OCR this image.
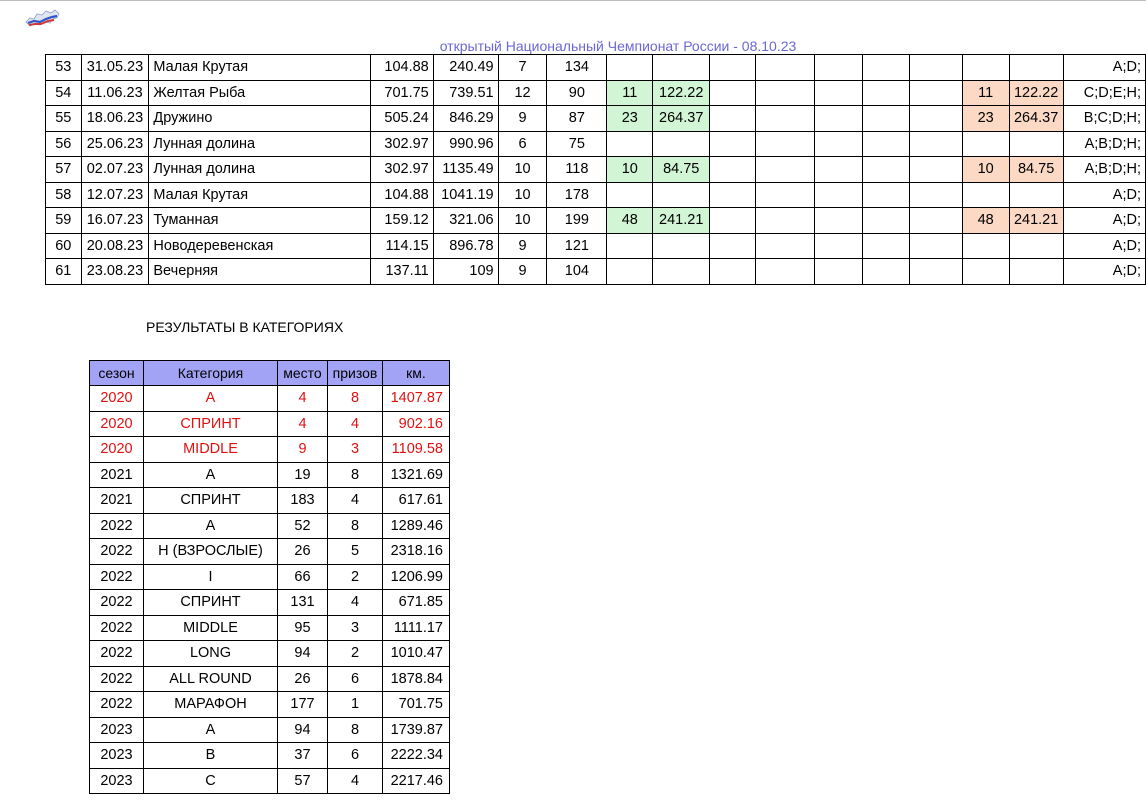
открытый Национальный Чемпионат России - 08.10.23
53	31.05.23	Малая Крутая	104.88	240.49	7	134										A;D;
54	11.06.23	Желтая Рыба	701.75	739.51	12	90	11	122.22						11	122.22	C;D;E;H;
55	18.06.23	Дружино	505.24	846.29	9	87	23	264.37						23	264.37	B;C;D;H;
56	25.06.23	Лунная долина	302.97	990.96	6	75										A;B;D;H;
57	02.07.23	Лунная долина	302.97	1135.49	10	118	10	84.75						10	84.75	A;B;D;H;
58	12.07.23	Малая Крутая	104.88	1041.19	10	178										A;D;
59	16.07.23	Туманная	159.12	321.06	10	199	48	241.21						48	241.21	A;D;
60	20.08.23	Новодеревенская	114.15	896.78	9	121										A;D;
61	23.08.23	Вечерняя	137.11	109	9	104										A;D;
РЕЗУЛЬТАТЫ В КАТЕГОРИЯХ
сезон	Категория	место	призов	км.
2020	A	4	8	1407.87
2020	СПРИНТ	4	4	902.16
2020	MIDDLE	9	3	1109.58
2021	A	19	8	1321.69
2021	СПРИНТ	183	4	617.61
2022	A	52	8	1289.46
2022	H (ВЗРОСЛЫЕ)	26	5	2318.16
2022	I	66	2	1206.99
2022	СПРИНТ	131	4	671.85
2022	MIDDLE	95	3	1111.17
2022	LONG	94	2	1010.47
2022	ALL ROUND	26	6	1878.84
2022	МАРАФОН	177	1	701.75
2023	A	94	8	1739.87
2023	B	37	6	2222.34
2023	C	57	4	2217.46
